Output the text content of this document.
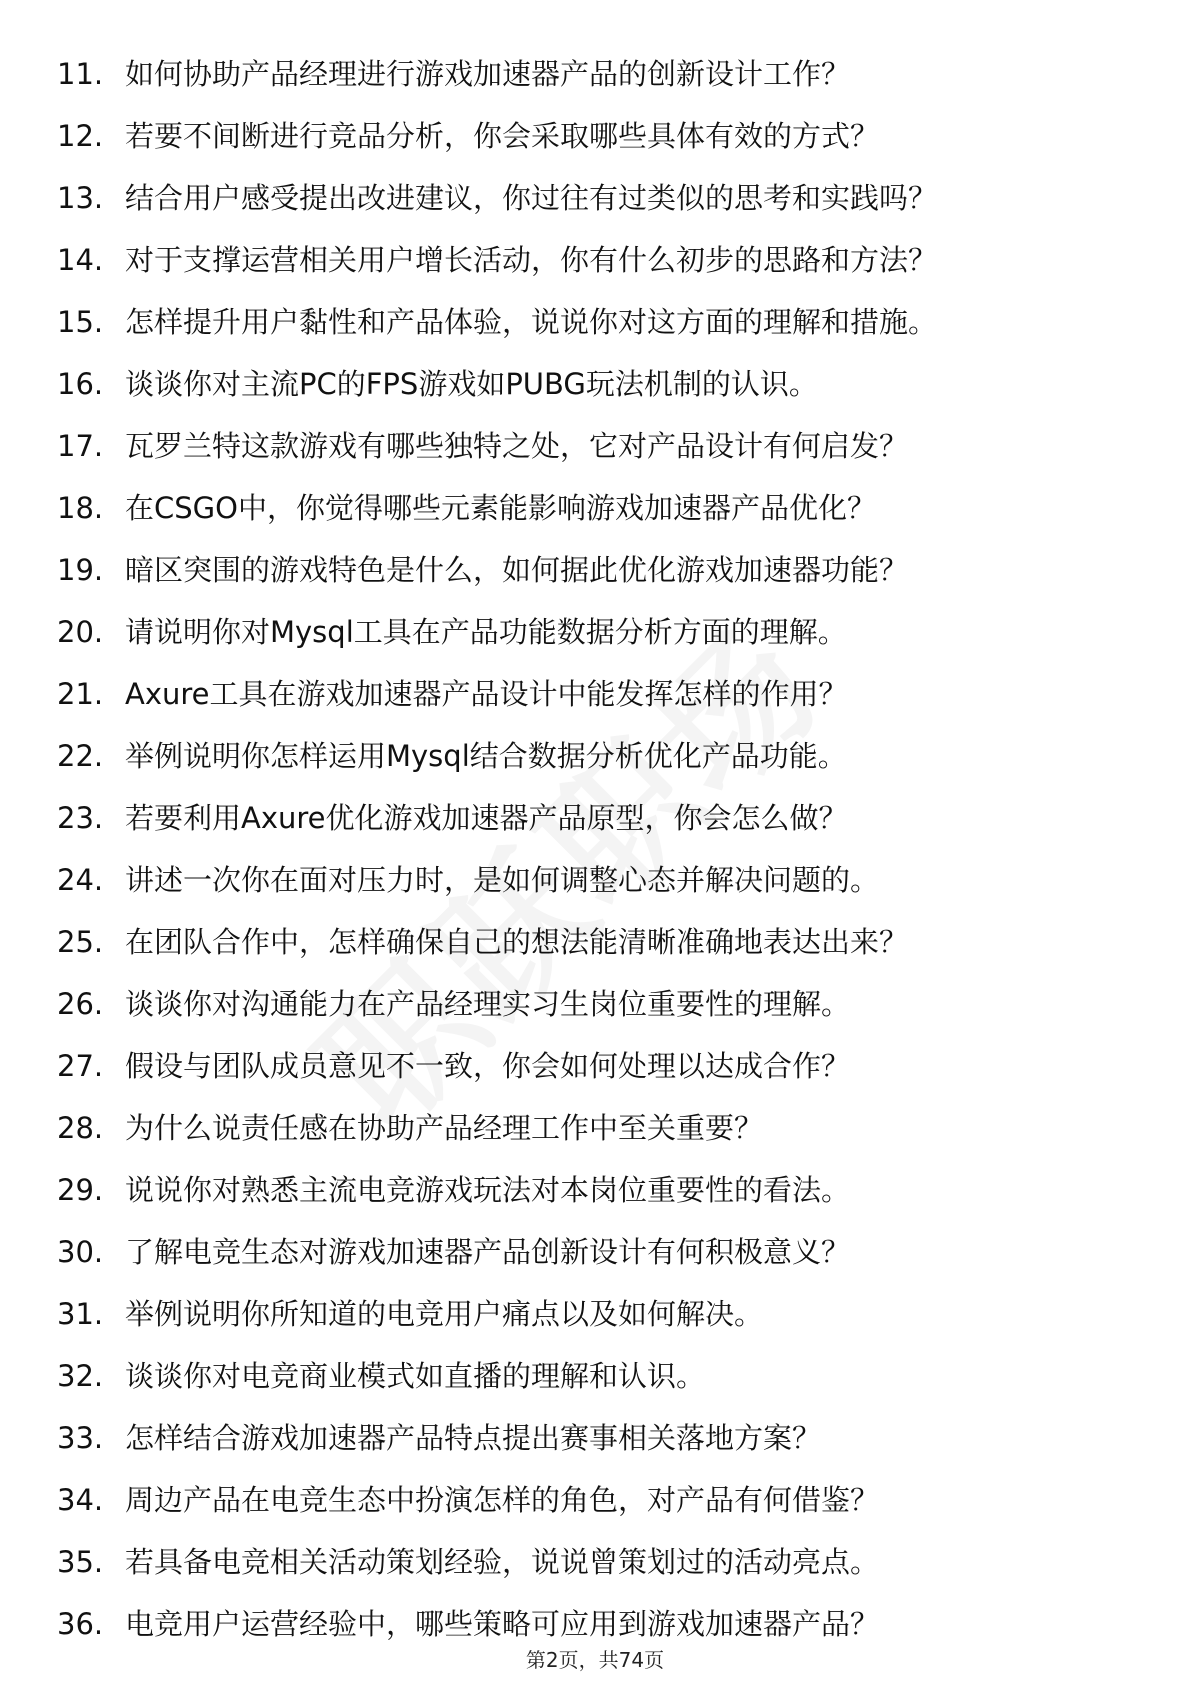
11. 如何协助产品经理进行游戏加速器产品的创新设计工作？
12. 若要不间断进行竞品分析，你会采取哪些具体有效的方式？
13. 结合用户感受提出改进建议，你过往有过类似的思考和实践吗？
14. 对于支撑运营相关用户增长活动，你有什么初步的思路和方法？
15. 怎样提升用户黏性和产品体验，说说你对这方面的理解和措施。
16. 谈谈你对主流PC的FPS游戏如PUBG玩法机制的认识。
17. 瓦罗兰特这款游戏有哪些独特之处，它对产品设计有何启发？
18. 在CSGO中，你觉得哪些元素能影响游戏加速器产品优化？
19. 暗区突围的游戏特色是什么，如何据此优化游戏加速器功能？
20. 请说明你对Mysql工具在产品功能数据分析方面的理解。
21. Axure工具在游戏加速器产品设计中能发挥怎样的作用？
22. 举例说明你怎样运用Mysql结合数据分析优化产品功能。
23. 若要利用Axure优化游戏加速器产品原型，你会怎么做？
24. 讲述一次你在面对压力时，是如何调整心态并解决问题的。
25. 在团队合作中，怎样确保自己的想法能清晰准确地表达出来？
26. 谈谈你对沟通能力在产品经理实习生岗位重要性的理解。
27. 假设与团队成员意见不一致，你会如何处理以达成合作？
28. 为什么说责任感在协助产品经理工作中至关重要？
29. 说说你对熟悉主流电竞游戏玩法对本岗位重要性的看法。
30. 了解电竞生态对游戏加速器产品创新设计有何积极意义？
31. 举例说明你所知道的电竞用户痛点以及如何解决。
32. 谈谈你对电竞商业模式如直播的理解和认识。
33. 怎样结合游戏加速器产品特点提出赛事相关落地方案？
34. 周边产品在电竞生态中扮演怎样的角色，对产品有何借鉴？
35. 若具备电竞相关活动策划经验，说说曾策划过的活动亮点。
36. 电竞用户运营经验中，哪些策略可应用到游戏加速器产品？
第2页，共74页
